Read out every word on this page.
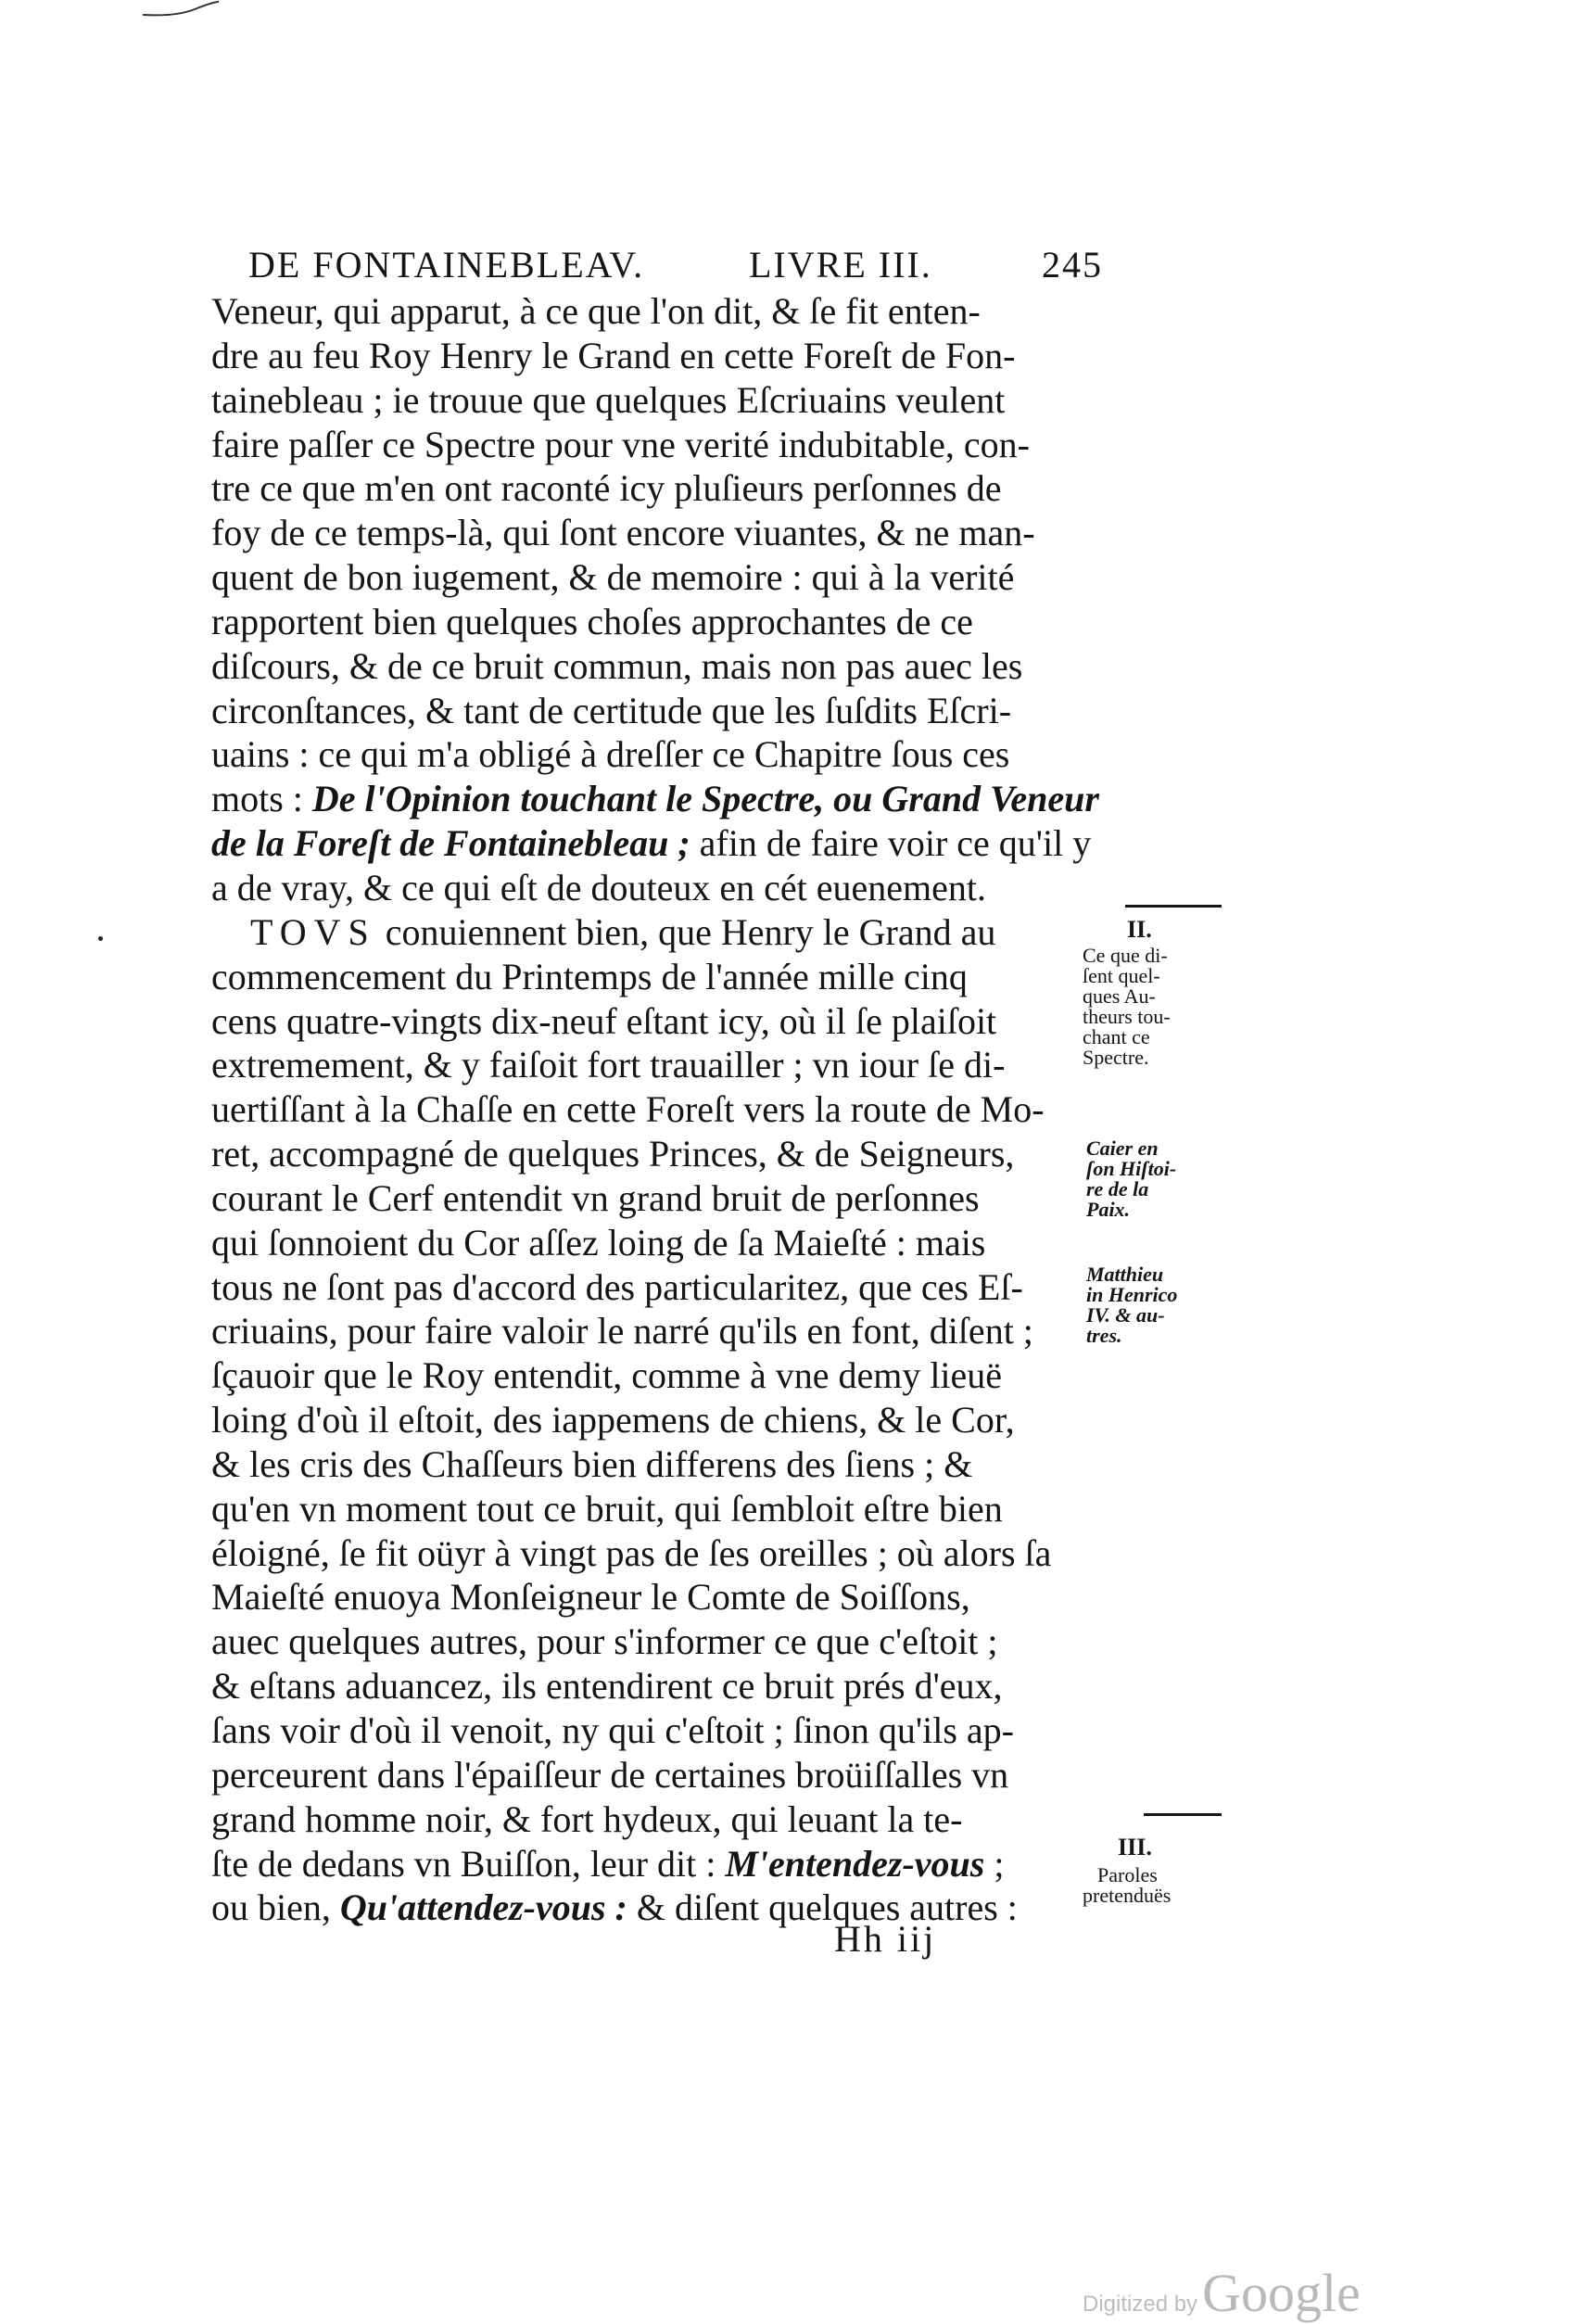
DE FONTAINEBLEAV.	LIVRE III.	245
Veneur, qui apparut, à ce que l'on dit, & ſe fit enten-
dre au feu Roy Henry le Grand en cette Foreſt de Fon-
tainebleau ; ie trouue que quelques Eſcriuains veulent
faire paſſer ce Spectre pour vne verité indubitable, con-
tre ce que m'en ont raconté icy pluſieurs perſonnes de
foy de ce temps-là, qui ſont encore viuantes, & ne man-
quent de bon iugement, & de memoire : qui à la verité
rapportent bien quelques choſes approchantes de ce
diſcours, & de ce bruit commun, mais non pas auec les
circonſtances, & tant de certitude que les ſuſdits Eſcri-
uains : ce qui m'a obligé à dreſſer ce Chapitre ſous ces
mots : De l'Opinion touchant le Spectre, ou Grand Veneur
de la Foreſt de Fontainebleau ; afin de faire voir ce qu'il y
a de vray, & ce qui eſt de douteux en cét euenement.
TOVS conuiennent bien, que Henry le Grand au
commencement du Printemps de l'année mille cinq
cens quatre-vingts dix-neuf eſtant icy, où il ſe plaiſoit
extremement, & y faiſoit fort trauailler ; vn iour ſe di-
uertiſſant à la Chaſſe en cette Foreſt vers la route de Mo-
ret, accompagné de quelques Princes, & de Seigneurs,
courant le Cerf entendit vn grand bruit de perſonnes
qui ſonnoient du Cor aſſez loing de ſa Maieſté : mais
tous ne ſont pas d'accord des particularitez, que ces Eſ-
criuains, pour faire valoir le narré qu'ils en font, diſent ;
ſçauoir que le Roy entendit, comme à vne demy lieuë
loing d'où il eſtoit, des iappemens de chiens, & le Cor,
& les cris des Chaſſeurs bien differens des ſiens ; &
qu'en vn moment tout ce bruit, qui ſembloit eſtre bien
éloigné, ſe fit oüyr à vingt pas de ſes oreilles ; où alors ſa
Maieſté enuoya Monſeigneur le Comte de Soiſſons,
auec quelques autres, pour s'informer ce que c'eſtoit ;
& eſtans aduancez, ils entendirent ce bruit prés d'eux,
ſans voir d'où il venoit, ny qui c'eſtoit ; ſinon qu'ils ap-
perceurent dans l'épaiſſeur de certaines broüiſſalles vn
grand homme noir, & fort hydeux, qui leuant la te-
ſte de dedans vn Buiſſon, leur dit : M'entendez-vous ;
ou bien, Qu'attendez-vous : & diſent quelques autres :
II.
Ce que di-
ſent quel-
ques Au-
theurs tou-
chant ce
Spectre.
Caier en
ſon Hiſtoi-
re de la
Paix.
Matthieu
in Henrico
IV. & au-
tres.
III.
Paroles
pretenduës
Hh iij
Digitized by Google
